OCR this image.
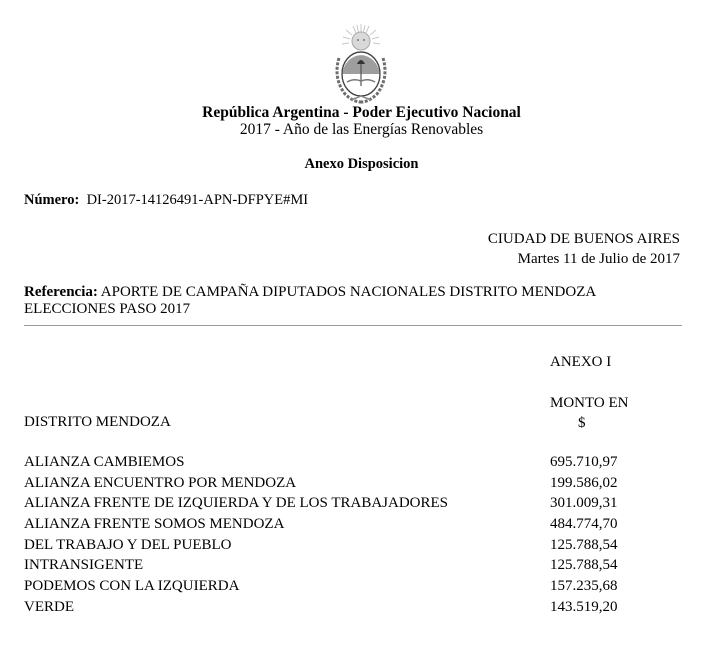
República Argentina - Poder Ejecutivo Nacional
2017 - Año de las Energías Renovables
Anexo Disposicion
Número: DI-2017-14126491-APN-DFPYE#MI
CIUDAD DE BUENOS AIRES
Martes 11 de Julio de 2017
Referencia: APORTE DE CAMPAÑA DIPUTADOS NACIONALES DISTRITO MENDOZA
ELECCIONES PASO 2017
ANEXO I
MONTO EN
$
DISTRITO MENDOZA
ALIANZA CAMBIEMOS	695.710,97
ALIANZA ENCUENTRO POR MENDOZA	199.586,02
ALIANZA FRENTE DE IZQUIERDA Y DE LOS TRABAJADORES	301.009,31
ALIANZA FRENTE SOMOS MENDOZA	484.774,70
DEL TRABAJO Y DEL PUEBLO	125.788,54
INTRANSIGENTE	125.788,54
PODEMOS CON LA IZQUIERDA	157.235,68
VERDE	143.519,20
